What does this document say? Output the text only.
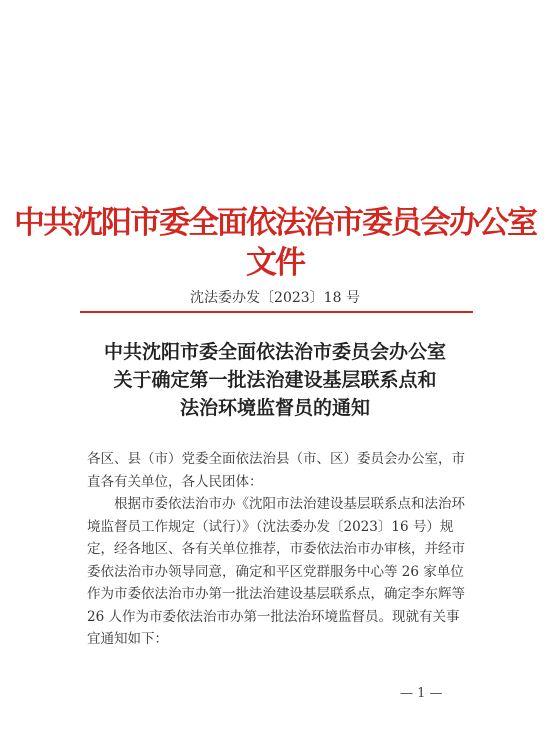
中共沈阳市委全面依法治市委员会办公室文件
沈法委办发〔2023〕18 号
中共沈阳市委全面依法治市委员会办公室
关于确定第一批法治建设基层联系点和
法治环境监督员的通知

各区、县（市）党委全面依法治县（市、区）委员会办公室，市直各有关单位，各人民团体：

根据市委依法治市办《沈阳市法治建设基层联系点和法治环境监督员工作规定（试行）》（沈法委办发〔2023〕16 号）规定，经各地区、各有关单位推荐，市委依法治市办审核，并经市委依法治市办领导同意，确定和平区党群服务中心等 26 家单位作为市委依法治市办第一批法治建设基层联系点，确定李东辉等 26 人作为市委依法治市办第一批法治环境监督员。现就有关事宜通知如下：

— 1 —
